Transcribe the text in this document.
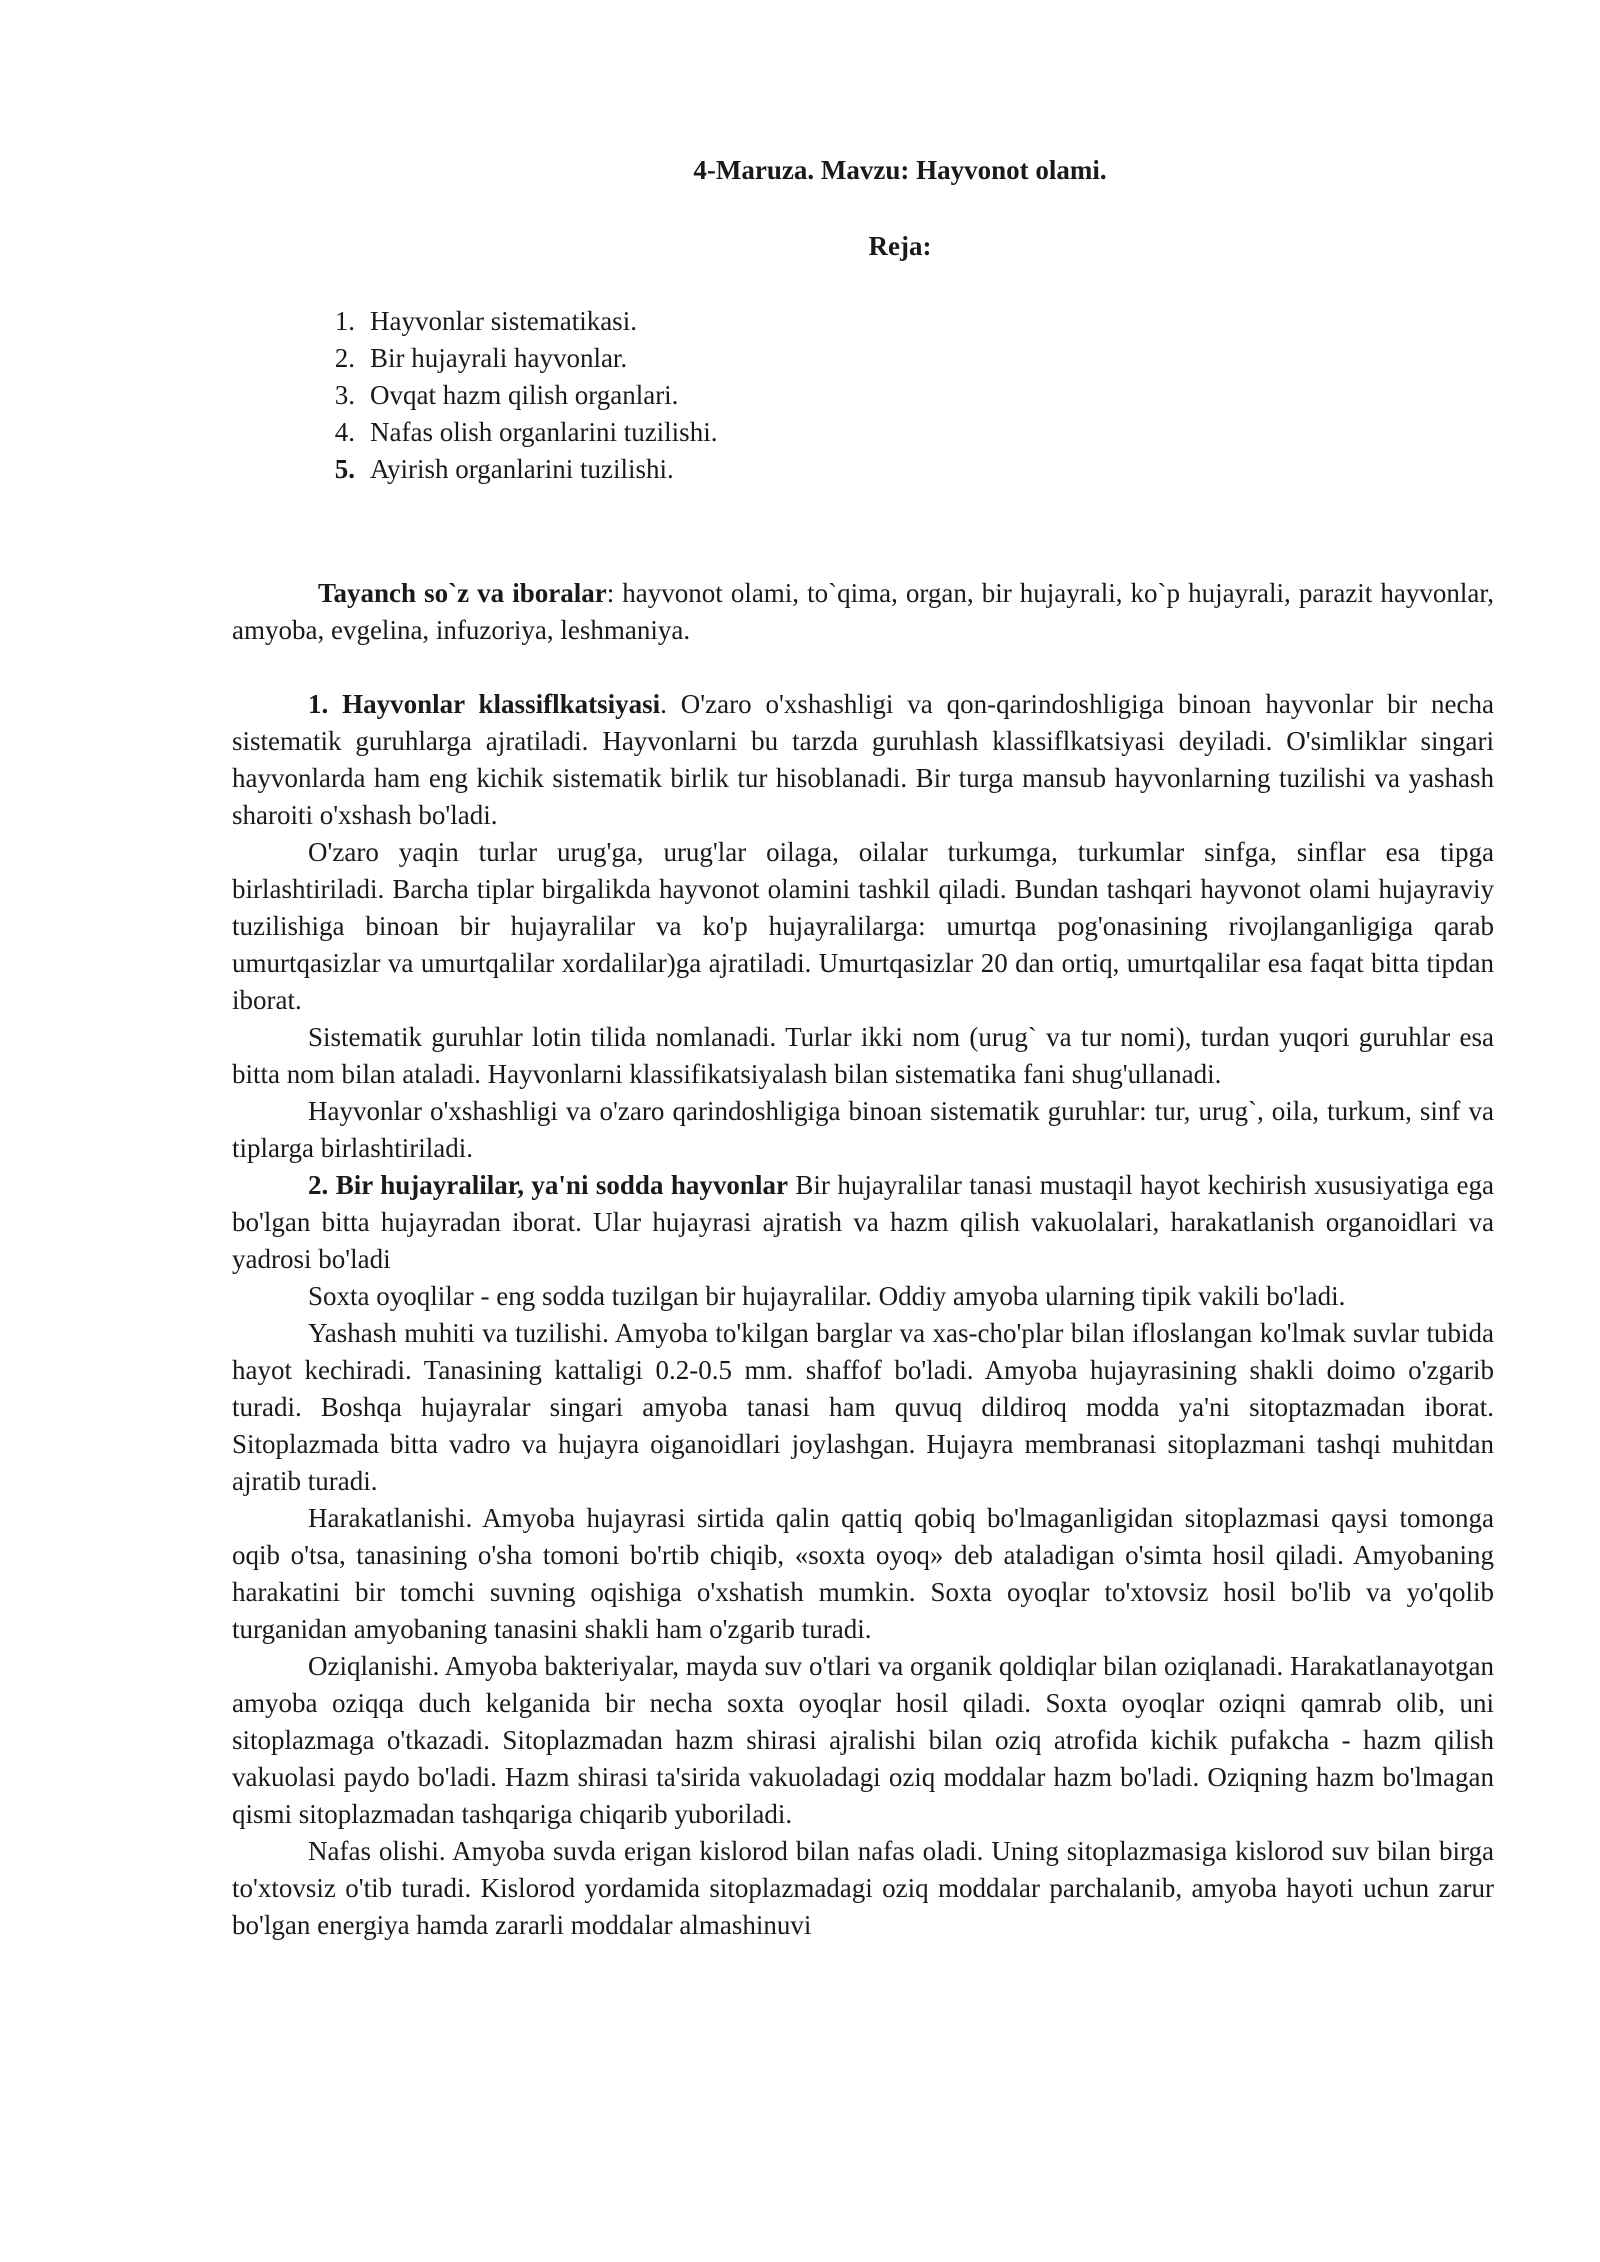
4-Maruza. Mavzu: Hayvonot olami.
Reja:
1. Hayvonlar sistematikasi.
2. Bir hujayrali hayvonlar.
3. Ovqat hazm qilish organlari.
4. Nafas olish organlarini tuzilishi.
5. Ayirish organlarini tuzilishi.

Tayanch so`z va iboralar: hayvonot olami, to`qima, organ, bir hujayrali, ko`p hujayrali, parazit hayvonlar, amyoba, evgelina, infuzoriya, leshmaniya.

1. Hayvonlar klassiflkatsiyasi. O'zaro o'xshashligi va qon-qarindoshligiga binoan hayvonlar bir necha sistematik guruhlarga ajratiladi. Hayvonlarni bu tarzda guruhlash klassiflkatsiyasi deyiladi. O'simliklar singari hayvonlarda ham eng kichik sistematik birlik tur hisoblanadi. Bir turga mansub hayvonlarning tuzilishi va yashash sharoiti o'xshash bo'ladi.

O'zaro yaqin turlar urug'ga, urug'lar oilaga, oilalar turkumga, turkumlar sinfga, sinflar esa tipga birlashtiriladi. Barcha tiplar birgalikda hayvonot olamini tashkil qiladi. Bundan tashqari hayvonot olami hujayraviy tuzilishiga binoan bir hujayralilar va ko'p hujayralilarga: umurtqa pog'onasining rivojlanganligiga qarab umurtqasizlar va umurtqalilar xordalilar)ga ajratiladi. Umurtqasizlar 20 dan ortiq, umurtqalilar esa faqat bitta tipdan iborat.

Sistematik guruhlar lotin tilida nomlanadi. Turlar ikki nom (urug` va tur nomi), turdan yuqori guruhlar esa bitta nom bilan ataladi. Hayvonlarni klassifikatsiyalash bilan sistematika fani shug'ullanadi.

Hayvonlar o'xshashligi va o'zaro qarindoshligiga binoan sistematik guruhlar: tur, urug`, oila, turkum, sinf va tiplarga birlashtiriladi.

2. Bir hujayralilar, ya'ni sodda hayvonlar Bir hujayralilar tanasi mustaqil hayot kechirish xususiyatiga ega bo'lgan bitta hujayradan iborat. Ular hujayrasi ajratish va hazm qilish vakuolalari, harakatlanish organoidlari va yadrosi bo'ladi

Soxta oyoqlilar - eng sodda tuzilgan bir hujayralilar. Oddiy amyoba ularning tipik vakili bo'ladi.

Yashash muhiti va tuzilishi. Amyoba to'kilgan barglar va xas-cho'plar bilan ifloslangan ko'lmak suvlar tubida hayot kechiradi. Tanasining kattaligi 0.2-0.5 mm. shaffof bo'ladi. Amyoba hujayrasining shakli doimo o'zgarib turadi. Boshqa hujayralar singari amyoba tanasi ham quvuq dildiroq modda ya'ni sitoptazmadan iborat. Sitoplazmada bitta vadro va hujayra oiganoidlari joylashgan. Hujayra membranasi sitoplazmani tashqi muhitdan ajratib turadi.

Harakatlanishi. Amyoba hujayrasi sirtida qalin qattiq qobiq bo'lmaganligidan sitoplazmasi qaysi tomonga oqib o'tsa, tanasining o'sha tomoni bo'rtib chiqib, «soxta oyoq» deb ataladigan o'simta hosil qiladi. Amyobaning harakatini bir tomchi suvning oqishiga o'xshatish mumkin. Soxta oyoqlar to'xtovsiz hosil bo'lib va yo'qolib turganidan amyobaning tanasini shakli ham o'zgarib turadi.

Oziqlanishi. Amyoba bakteriyalar, mayda suv o'tlari va organik qoldiqlar bilan oziqlanadi. Harakatlanayotgan amyoba oziqqa duch kelganida bir necha soxta oyoqlar hosil qiladi. Soxta oyoqlar oziqni qamrab olib, uni sitoplazmaga o'tkazadi. Sitoplazmadan hazm shirasi ajralishi bilan oziq atrofida kichik pufakcha - hazm qilish vakuolasi paydo bo'ladi. Hazm shirasi ta'sirida vakuoladagi oziq moddalar hazm bo'ladi. Oziqning hazm bo'lmagan qismi sitoplazmadan tashqariga chiqarib yuboriladi.

Nafas olishi. Amyoba suvda erigan kislorod bilan nafas oladi. Uning sitoplazmasiga kislorod suv bilan birga to'xtovsiz o'tib turadi. Kislorod yordamida sitoplazmadagi oziq moddalar parchalanib, amyoba hayoti uchun zarur bo'lgan energiya hamda zararli moddalar almashinuvi
